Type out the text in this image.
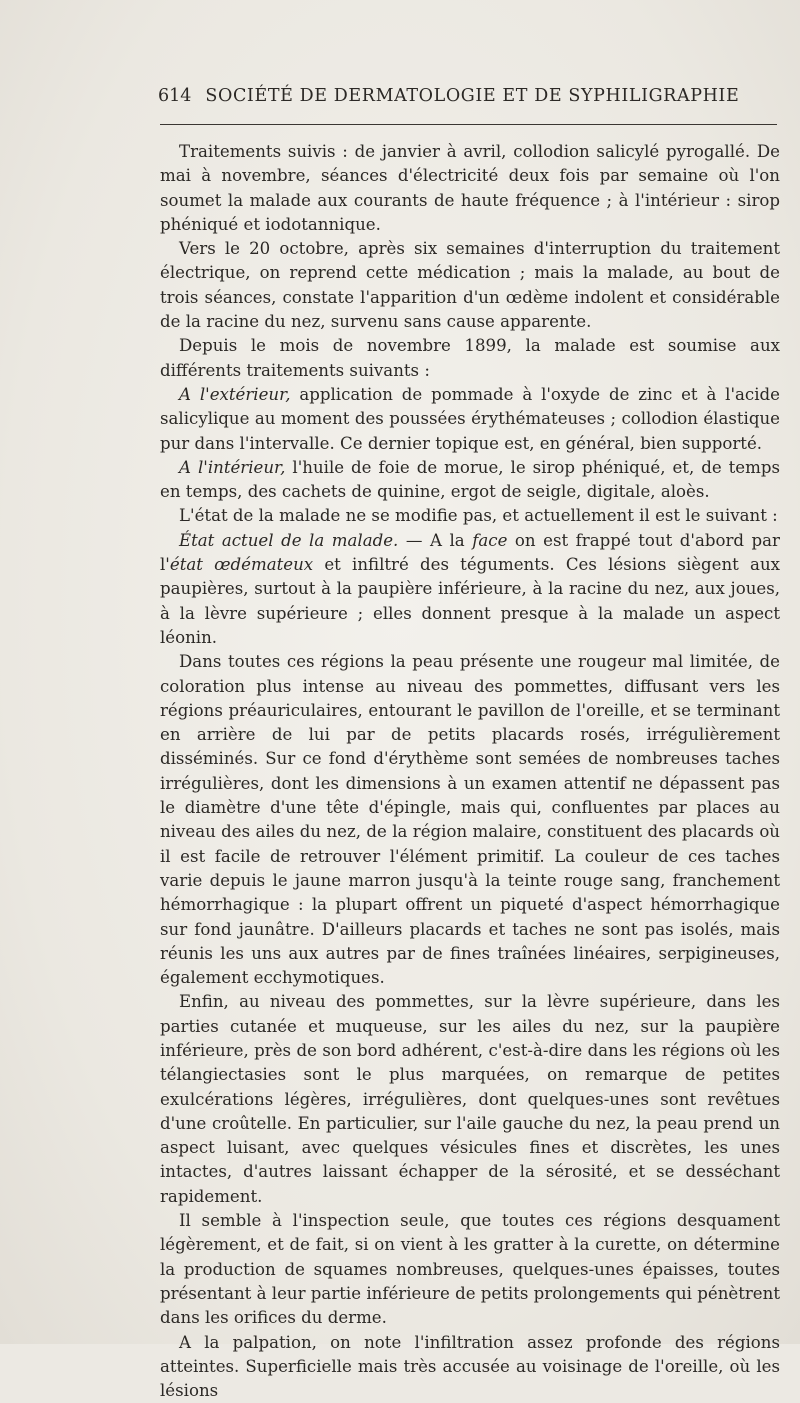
614 SOCIÉTÉ DE DERMATOLOGIE ET DE SYPHILIGRAPHIE

Traitements suivis : de janvier à avril, collodion salicylé pyrogallé. De mai à novembre, séances d'électricité deux fois par semaine où l'on soumet la malade aux courants de haute fréquence ; à l'intérieur : sirop phéniqué et iodotannique.

Vers le 20 octobre, après six semaines d'interruption du traitement électrique, on reprend cette médication ; mais la malade, au bout de trois séances, constate l'apparition d'un œdème indolent et considérable de la racine du nez, survenu sans cause apparente.

Depuis le mois de novembre 1899, la malade est soumise aux différents traitements suivants :

A l'extérieur, application de pommade à l'oxyde de zinc et à l'acide salicylique au moment des poussées érythémateuses ; collodion élastique pur dans l'intervalle. Ce dernier topique est, en général, bien supporté.

A l'intérieur, l'huile de foie de morue, le sirop phéniqué, et, de temps en temps, des cachets de quinine, ergot de seigle, digitale, aloès.

L'état de la malade ne se modifie pas, et actuellement il est le suivant :

État actuel de la malade. — A la face on est frappé tout d'abord par l'état œdémateux et infiltré des téguments. Ces lésions siègent aux paupières, surtout à la paupière inférieure, à la racine du nez, aux joues, à la lèvre supérieure ; elles donnent presque à la malade un aspect léonin.

Dans toutes ces régions la peau présente une rougeur mal limitée, de coloration plus intense au niveau des pommettes, diffusant vers les régions préauriculaires, entourant le pavillon de l'oreille, et se terminant en arrière de lui par de petits placards rosés, irrégulièrement disséminés. Sur ce fond d'érythème sont semées de nombreuses taches irrégulières, dont les dimensions à un examen attentif ne dépassent pas le diamètre d'une tête d'épingle, mais qui, confluentes par places au niveau des ailes du nez, de la région malaire, constituent des placards où il est facile de retrouver l'élément primitif. La couleur de ces taches varie depuis le jaune marron jusqu'à la teinte rouge sang, franchement hémorrhagique : la plupart offrent un piqueté d'aspect hémorrhagique sur fond jaunâtre. D'ailleurs placards et taches ne sont pas isolés, mais réunis les uns aux autres par de fines traînées linéaires, serpigineuses, également ecchymotiques.

Enfin, au niveau des pommettes, sur la lèvre supérieure, dans les parties cutanée et muqueuse, sur les ailes du nez, sur la paupière inférieure, près de son bord adhérent, c'est-à-dire dans les régions où les télangiectasies sont le plus marquées, on remarque de petites exulcérations légères, irrégulières, dont quelques-unes sont revêtues d'une croûtelle. En particulier, sur l'aile gauche du nez, la peau prend un aspect luisant, avec quelques vésicules fines et discrètes, les unes intactes, d'autres laissant échapper de la sérosité, et se desséchant rapidement.

Il semble à l'inspection seule, que toutes ces régions desquament légèrement, et de fait, si on vient à les gratter à la curette, on détermine la production de squames nombreuses, quelques-unes épaisses, toutes présentant à leur partie inférieure de petits prolongements qui pénètrent dans les orifices du derme.

A la palpation, on note l'infiltration assez profonde des régions atteintes. Superficielle mais très accusée au voisinage de l'oreille, où les lésions
